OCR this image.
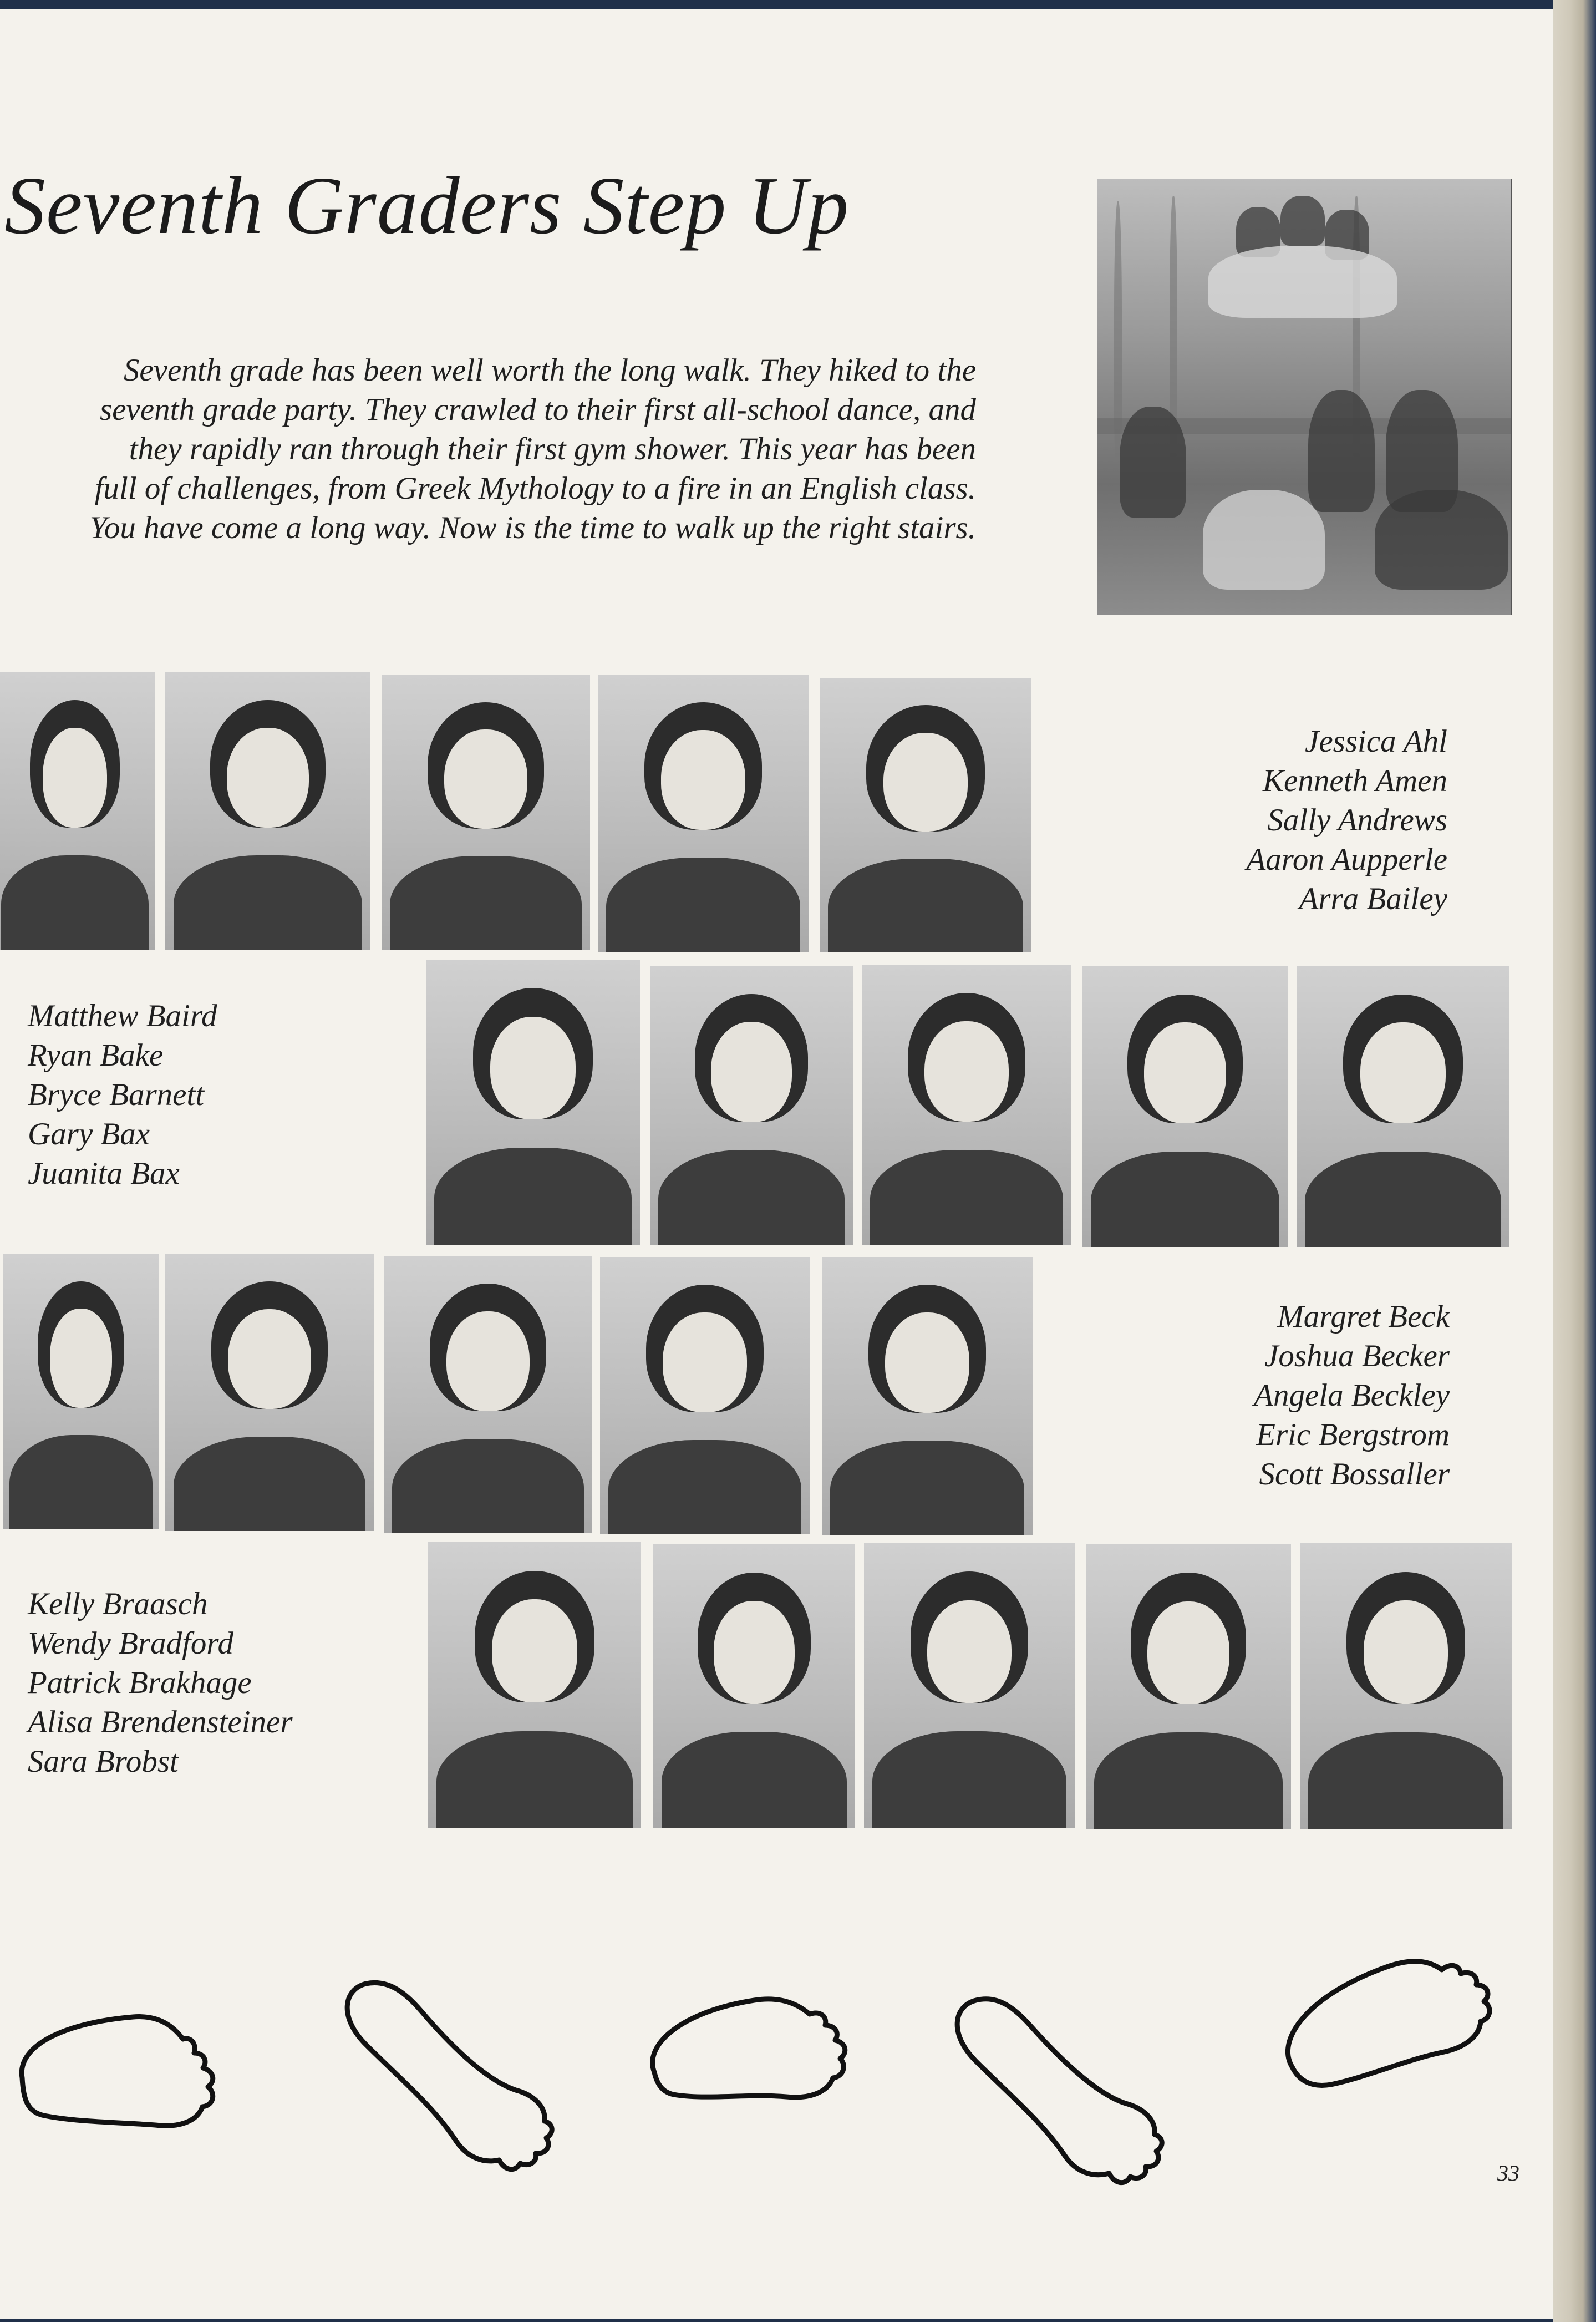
Seventh Graders Step Up

Seventh grade has been well worth the long walk. They hiked to the
seventh grade party. They crawled to their first all-school dance, and
they rapidly ran through their first gym shower. This year has been
full of challenges, from Greek Mythology to a fire in an English class.
You have come a long way. Now is the time to walk up the right stairs.

Jessica Ahl
Kenneth Amen
Sally Andrews
Aaron Aupperle
Arra Bailey
Matthew Baird
Ryan Bake
Bryce Barnett
Gary Bax
Juanita Bax
Margret Beck
Joshua Becker
Angela Beckley
Eric Bergstrom
Scott Bossaller
Kelly Braasch
Wendy Bradford
Patrick Brakhage
Alisa Brendensteiner
Sara Brobst
33
